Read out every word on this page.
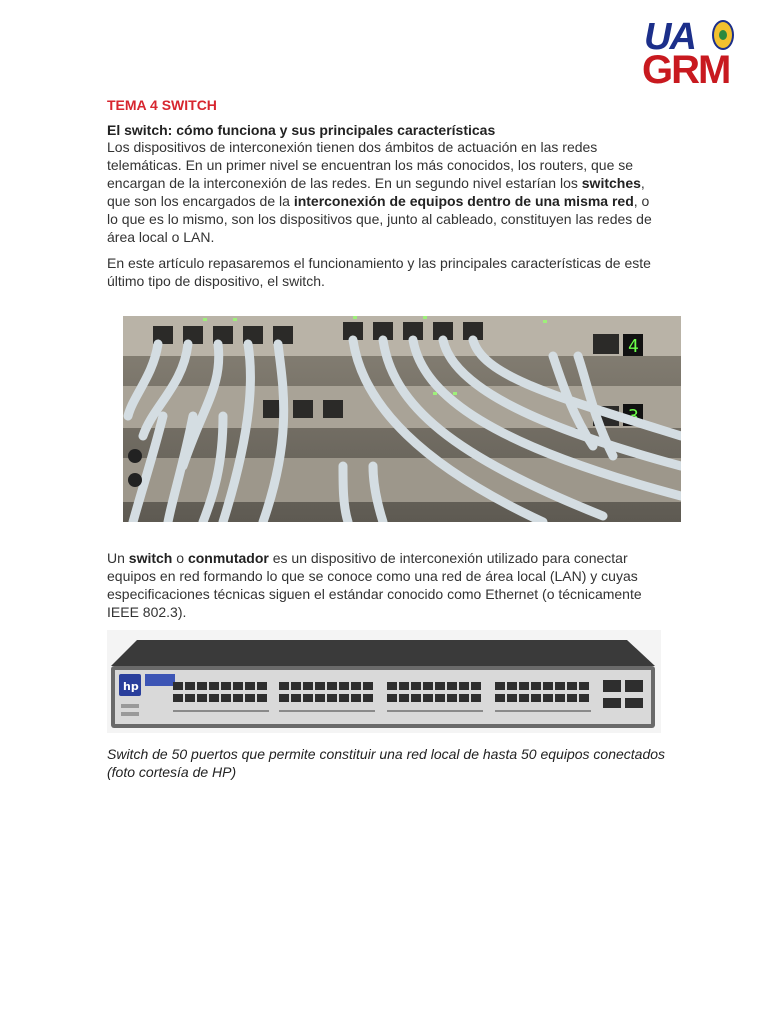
UA
GRM
TEMA 4 SWITCH
El switch: cómo funciona y sus principales características

Los dispositivos de interconexión tienen dos ámbitos de actuación en las redes telemáticas. En un primer nivel se encuentran los más conocidos, los routers, que se encargan de la interconexión de las redes. En un segundo nivel estarían los switches, que son los encargados de la interconexión de equipos dentro de una misma red, o lo que es lo mismo, son los dispositivos que, junto al cableado, constituyen las redes de área local o LAN.

En este artículo repasaremos el funcionamiento y las principales características de este último tipo de dispositivo, el switch.

4
3

Un switch o conmutador es un dispositivo de interconexión utilizado para conectar equipos en red formando lo que se conoce como una red de área local (LAN) y cuyas especificaciones técnicas siguen el estándar conocido como Ethernet (o técnicamente IEEE 802.3).

hp

Switch de 50 puertos que permite constituir una red local de hasta 50 equipos conectados (foto cortesía de HP)
